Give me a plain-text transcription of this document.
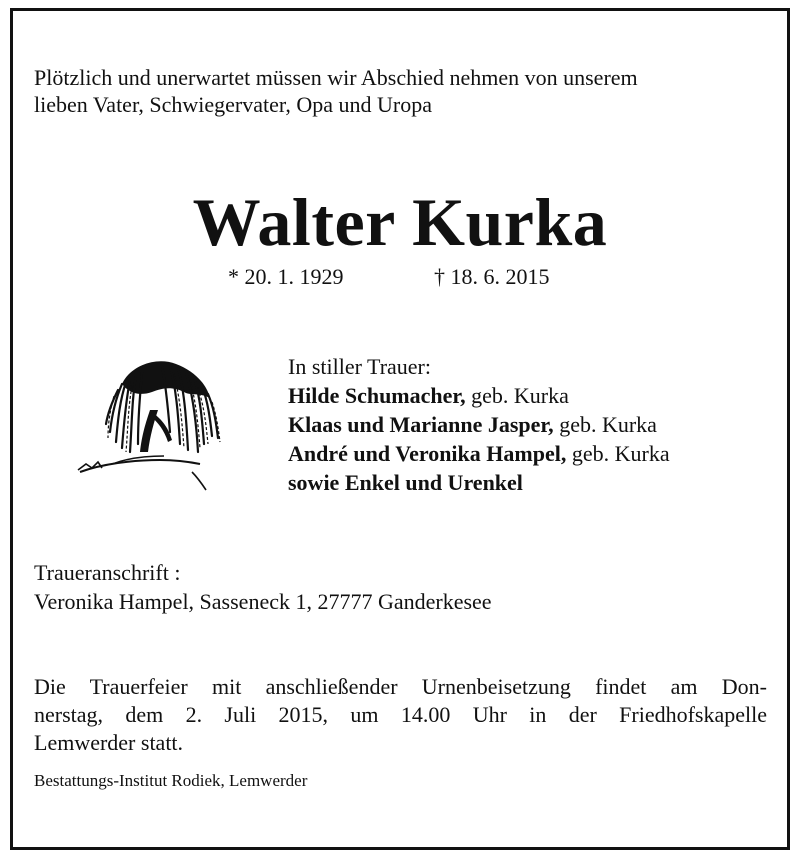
Plötzlich und unerwartet müssen wir Abschied nehmen von unserem
lieben Vater, Schwiegervater, Opa und Uropa
Walter Kurka
* 20. 1. 1929	† 18. 6. 2015
In stiller Trauer:
Hilde Schumacher, geb. Kurka
Klaas und Marianne Jasper, geb. Kurka
André und Veronika Hampel, geb. Kurka
sowie Enkel und Urenkel
Traueranschrift :
Veronika Hampel, Sasseneck 1, 27777 Ganderkesee
Die Trauerfeier mit anschließender Urnenbeisetzung findet am Don-
nerstag, dem 2. Juli 2015, um 14.00 Uhr in der Friedhofskapelle
Lemwerder statt.
Bestattungs-Institut Rodiek, Lemwerder
